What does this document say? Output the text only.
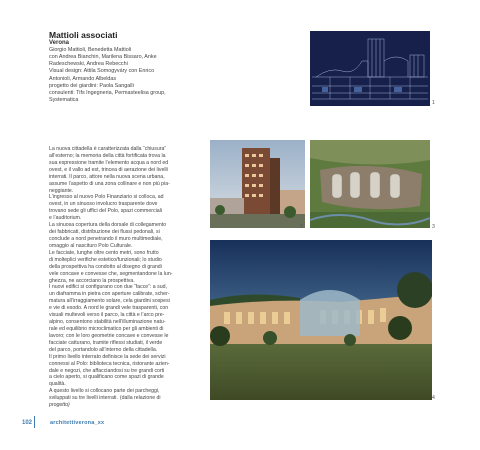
Mattioli associati
Verona
Giorgio Mattioli, Benedetta Mattioli
con Andrea Bianchin, Marilena Bissaro, Anke
Radeschewski, Andrea Rebecchi
Visual design: Attila Somogyváry con Enrico
Antonioli, Armando Albeldas
progetto dei giardini: Paola Sangalli
consulenti: Tifs Ingegneria, Permasteelisa group,
Systematica
La nuova cittadella è caratterizzata dalla “chiusura”
all’esterno; la memoria della città fortificata trova la
sua espressione tramite l’elemento acqua a nord ed
ovest, e il vallo ad est, trincea di aerazione dei livelli
interrati. Il parco, attore nella nuova scena urbana,
assume l’aspetto di una zona collinare e non più pia-
neggiante.
L’ingresso al nuovo Polo Finanziario si colloca, ad
ovest, in un sinuoso involucro trasparente dove
trovano sede gli uffici del Polo, spazi commerciali
e l’auditorium.
La sinuosa copertura della dorsale di collegamento
dei fabbricati, distribuzione dei flussi pedonali, si
conclude a nord penetrando il muro multimediale,
omaggio al nascituro Polo Culturale.
Le facciate, lunghe oltre cento metri, sono frutto
di molteplici verifiche estetico/funzionali; lo studio
della prospettiva ha condotto al disegno di grandi
vele concave e convesse che, segmentandone la lun-
ghezza, ne accorciano la prospettiva.
I nuovi edifici si configurano con due “facce”: a sud,
un diaframma in pietra con aperture calibrate, scher-
matura all’irraggiamento solare, cela giardini sospesi
e vie di esodo. A nord le grandi vele trasparenti, con
visuali multevoli verso il parco, la città e l’arco pre-
alpino, consentono stabilità nell’illuminazione natu-
rale ed equilibrio microclimatico per gli ambienti di
lavoro; con le loro geometrie concave e convesse le
facciate catturano, tramite riflessi studiati, il verde
del parco, portandolo all’interno della cittadella.
Il primo livello interrato definisce la sede dei servizi
connessi al Polo: biblioteca tecnica, ristorante azien-
dale e negozi, che affacciandosi su tre grandi corti
a cielo aperto, si qualificano come spazi di grande
qualità.
A questo livello si collocano parte dei parcheggi,
sviluppati su tre livelli interrati. (dalla relazione di
progetto)
1
2	3
4
102	architettiverona_xx
